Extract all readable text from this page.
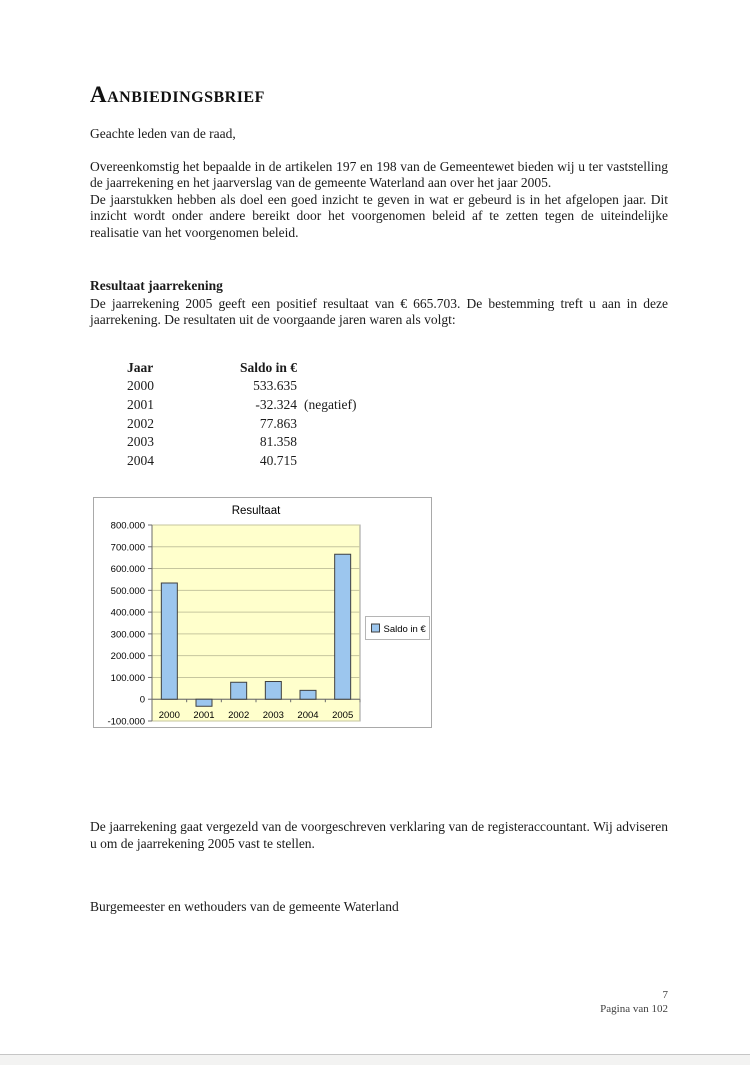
Aanbiedingsbrief

Geachte leden van de raad,

Overeenkomstig het bepaalde in de artikelen 197 en 198 van de Gemeentewet bieden wij u ter vaststelling de jaarrekening en het jaarverslag van de gemeente Waterland aan over het jaar 2005.

De jaarstukken hebben als doel een goed inzicht te geven in wat er gebeurd is in het afgelopen jaar. Dit inzicht wordt onder andere bereikt door het voorgenomen beleid af te zetten tegen de uiteindelijke realisatie van het voorgenomen beleid.

Resultaat jaarrekening

De jaarrekening 2005 geeft een positief resultaat van € 665.703. De bestemming treft u aan in deze jaarrekening. De resultaten uit de voorgaande jaren waren als volgt:

Jaar	Saldo in €	
2000	533.635	
2001	-32.324	(negatief)
2002	77.863	
2003	81.358	
2004	40.715	
Resultaat
800.000
700.000
600.000
500.000
400.000
300.000
200.000
100.000
0
-100.000
2000 2001 2002 2003 2004 2005
Saldo in €

De jaarrekening gaat vergezeld van de voorgeschreven verklaring van de registeraccountant. Wij adviseren u om de jaarrekening 2005 vast te stellen.

Burgemeester en wethouders van de gemeente Waterland

7
Pagina van 102
